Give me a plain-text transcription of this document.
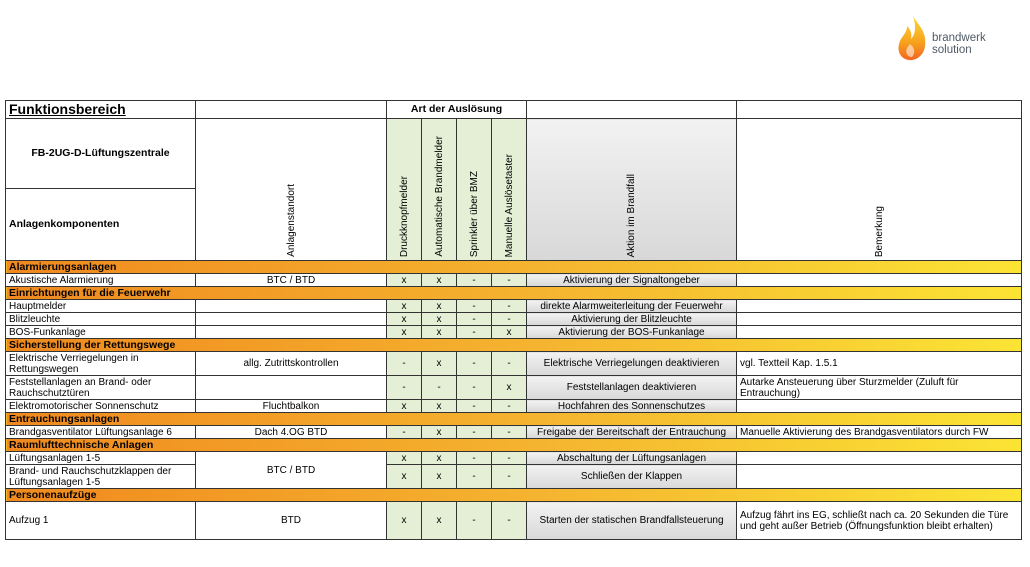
brandwerk
solution
Funktionsbereich		Art der Auslösung					
FB-2UG-D-Lüftungszentrale	Anlagenstandort	Druckknopfmelder	Automatische Brandmelder	Sprinkler über BMZ	Manuelle Auslösetaster	Aktion im Brandfall	Bemerkung
Anlagenkomponenten							
Alarmierungsanlagen							
Akustische Alarmierung	BTC / BTD	x	x	-	-	Aktivierung der Signaltongeber	
Einrichtungen für die Feuerwehr							
Hauptmelder		x	x	-	-	direkte Alarmweiterleitung der Feuerwehr	
Blitzleuchte		x	x	-	-	Aktivierung der Blitzleuchte	
BOS-Funkanlage		x	x	-	x	Aktivierung der BOS-Funkanlage	
Sicherstellung der Rettungswege							
Elektrische Verriegelungen in Rettungswegen	allg. Zutrittskontrollen	-	x	-	-	Elektrische Verriegelungen deaktivieren	vgl. Textteil Kap. 1.5.1
Feststellanlagen an Brand- oder Rauchschutztüren		-	-	-	x	Feststellanlagen deaktivieren	Autarke Ansteuerung über Sturzmelder (Zuluft für Entrauchung)
Elektromotorischer Sonnenschutz	Fluchtbalkon	x	x	-	-	Hochfahren des Sonnenschutzes	
Entrauchungsanlagen							
Brandgasventilator Lüftungsanlage 6	Dach 4.OG BTD	-	x	-	-	Freigabe der Bereitschaft der Entrauchung	Manuelle Aktivierung des Brandgasventilators durch FW
Raumlufttechnische Anlagen							
Lüftungsanlagen 1-5	BTC / BTD	x	x	-	-	Abschaltung der Lüftungsanlagen	
Brand- und Rauchschutzklappen der Lüftungsanlagen 1-5		x	x	-	-	Schließen der Klappen	
Personenaufzüge							
Aufzug 1	BTD	x	x	-	-	Starten der statischen Brandfallsteuerung	Aufzug fährt ins EG, schließt nach ca. 20 Sekunden die Türe und geht außer Betrieb (Öffnungsfunktion bleibt erhalten)
